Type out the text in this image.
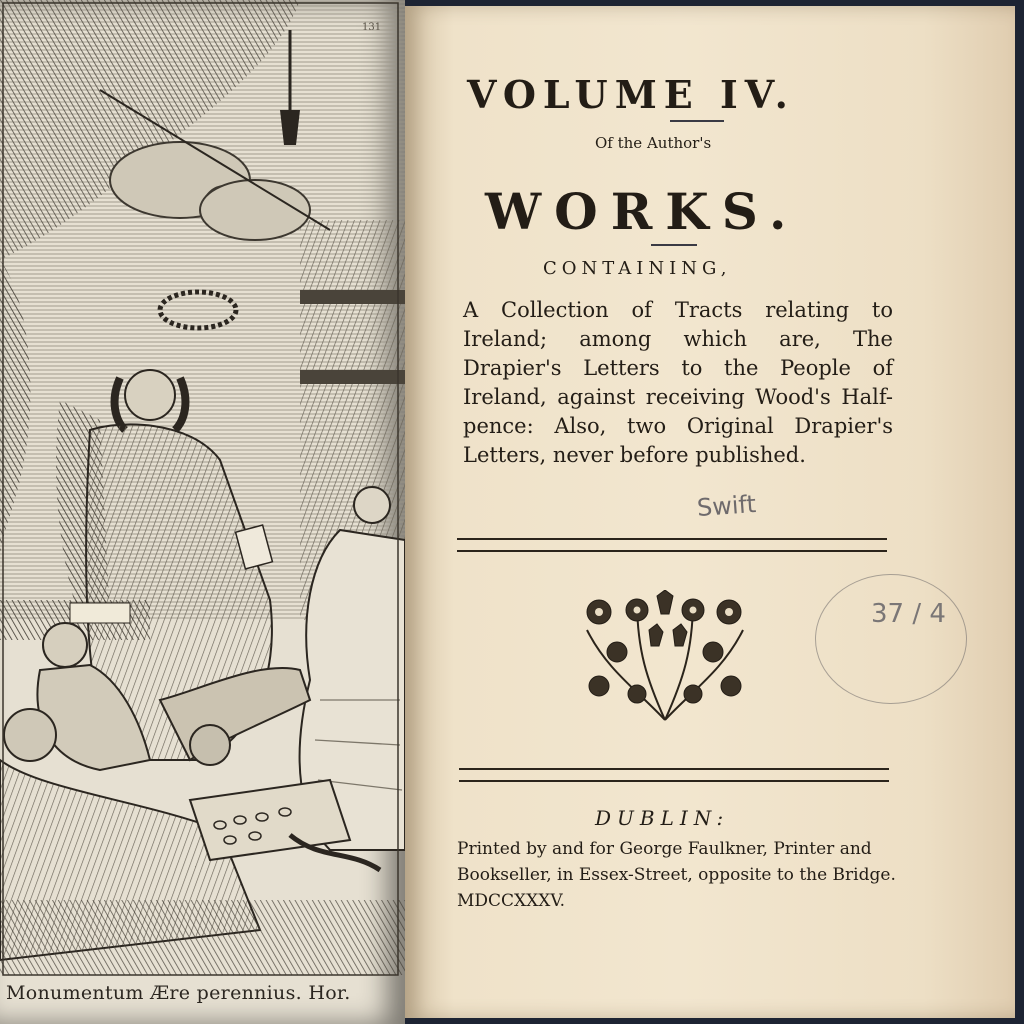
131
Monumentum Ære perennius. Hor.
VOLUME IV.
Of the Author's
WORKS.
CONTAINING,
A Collection of Tracts relating to Ireland; among which are, The Drapier's Letters to the People of Ireland, against receiving Wood's Half-pence: Also, two Original Drapier's Letters, never before published.
Swift
37 / 4
DUBLIN:
Printed by and for George Faulkner, Printer and Bookseller, in Essex-Street, opposite to the Bridge. MDCCXXXV.
